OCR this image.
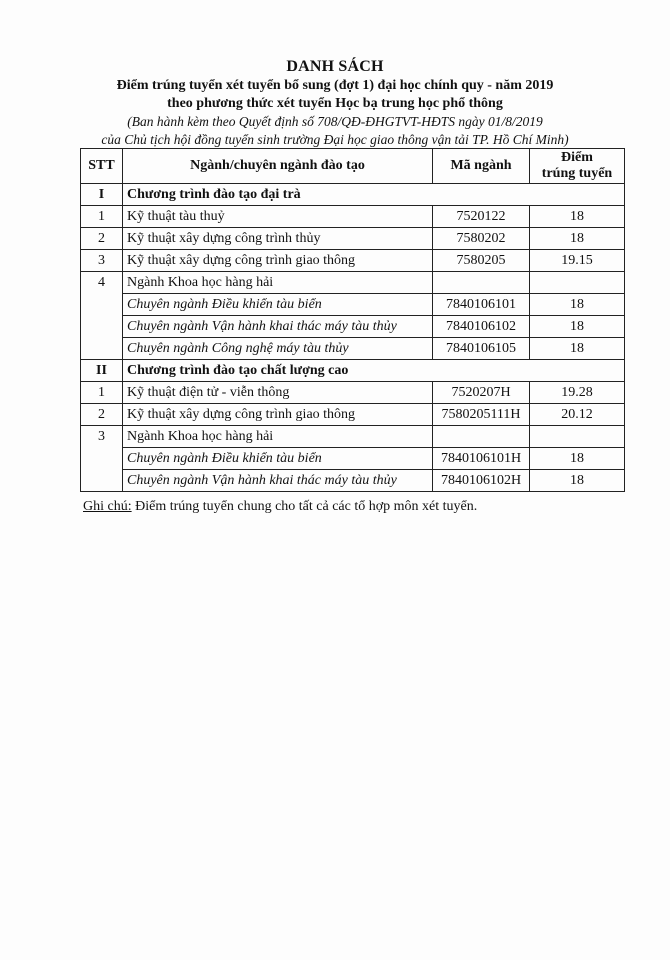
DANH SÁCH
Điểm trúng tuyển xét tuyển bổ sung (đợt 1) đại học chính quy - năm 2019
theo phương thức xét tuyển Học bạ trung học phổ thông
(Ban hành kèm theo Quyết định số 708/QĐ-ĐHGTVT-HĐTS ngày 01/8/2019
của Chủ tịch hội đồng tuyển sinh trường Đại học giao thông vận tải TP. Hồ Chí Minh)
STT	Ngành/chuyên ngành đào tạo	Mã ngành	Điểm
trúng tuyển

I	Chương trình đào tạo đại trà		
1	Kỹ thuật tàu thuỷ	7520122	18
2	Kỹ thuật xây dựng công trình thủy	7580202	18
3	Kỹ thuật xây dựng công trình giao thông	7580205	19.15
4	Ngành Khoa học hàng hải		
	Chuyên ngành Điều khiển tàu biển	7840106101	18
	Chuyên ngành Vận hành khai thác máy tàu thủy	7840106102	18
	Chuyên ngành Công nghệ máy tàu thủy	7840106105	18
II	Chương trình đào tạo chất lượng cao		
1	Kỹ thuật điện tử - viễn thông	7520207H	19.28
2	Kỹ thuật xây dựng công trình giao thông	7580205111H	20.12
3	Ngành Khoa học hàng hải		
	Chuyên ngành Điều khiển tàu biển	7840106101H	18
	Chuyên ngành Vận hành khai thác máy tàu thủy	7840106102H	18
Ghi chú: Điểm trúng tuyển chung cho tất cả các tổ hợp môn xét tuyển.
